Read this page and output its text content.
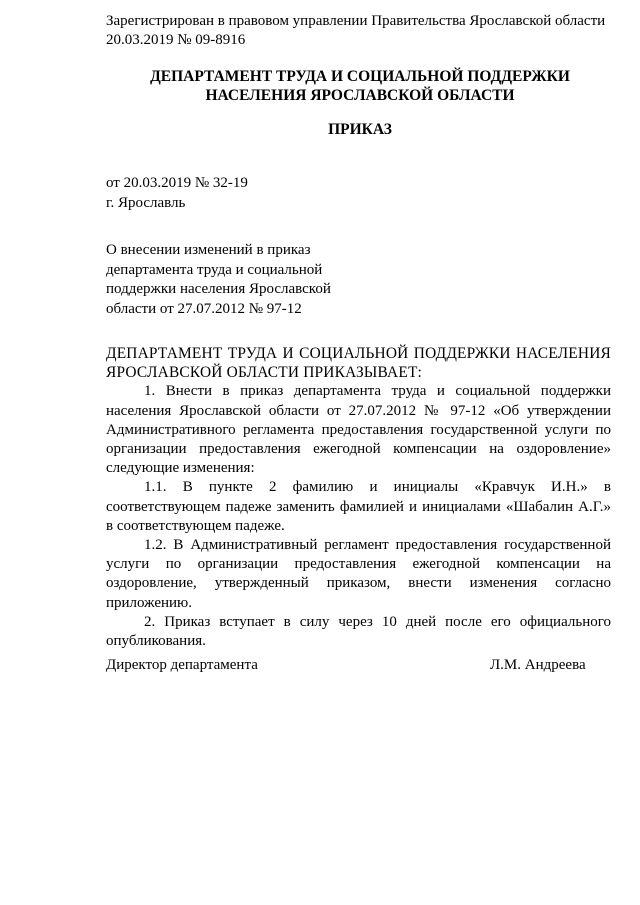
Зарегистрирован в правовом управлении Правительства Ярославской области
20.03.2019 № 09-8916
ДЕПАРТАМЕНТ ТРУДА И СОЦИАЛЬНОЙ ПОДДЕРЖКИ
НАСЕЛЕНИЯ ЯРОСЛАВСКОЙ ОБЛАСТИ
ПРИКАЗ
от 20.03.2019 № 32-19
г. Ярославль
О внесении изменений в приказ
департамента труда и социальной
поддержки населения Ярославской
области от 27.07.2012 № 97-12

ДЕПАРТАМЕНТ ТРУДА И СОЦИАЛЬНОЙ ПОДДЕРЖКИ НАСЕЛЕНИЯ ЯРОСЛАВСКОЙ ОБЛАСТИ ПРИКАЗЫВАЕТ:

1. Внести в приказ департамента труда и социальной поддержки населения Ярославской области от 27.07.2012 № 97-12 «Об утверждении Административного регламента предоставления государственной услуги по организации предоставления ежегодной компенсации на оздоровление» следующие изменения:

1.1. В пункте 2 фамилию и инициалы «Кравчук И.Н.» в соответствующем падеже заменить фамилией и инициалами «Шабалин А.Г.» в соответствующем падеже.

1.2. В Административный регламент предоставления государственной услуги по организации предоставления ежегодной компенсации на оздоровление, утвержденный приказом, внести изменения согласно приложению.

2. Приказ вступает в силу через 10 дней после его официального опубликования.

Директор департамента	Л.М. Андреева
